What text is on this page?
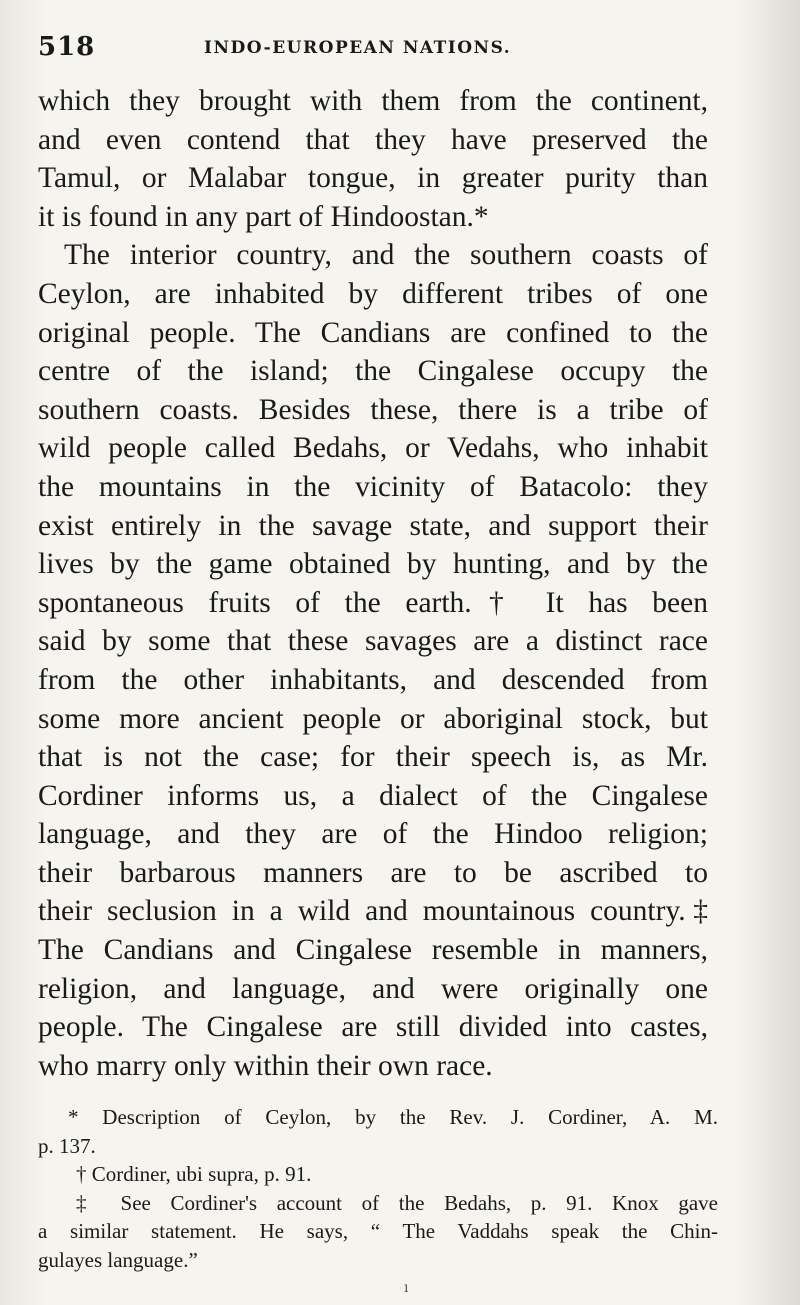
518	INDO-EUROPEAN NATIONS.
which they brought with them from the continent,
and even contend that they have preserved the
Tamul, or Malabar tongue, in greater purity than
it is found in any part of Hindoostan.*
The interior country, and the southern coasts of
Ceylon, are inhabited by different tribes of one
original people. The Candians are confined to the
centre of the island; the Cingalese occupy the
southern coasts. Besides these, there is a tribe of
wild people called Bedahs, or Vedahs, who inhabit
the mountains in the vicinity of Batacolo: they
exist entirely in the savage state, and support their
lives by the game obtained by hunting, and by the
spontaneous fruits of the earth.† It has been
said by some that these savages are a distinct race
from the other inhabitants, and descended from
some more ancient people or aboriginal stock, but
that is not the case; for their speech is, as Mr.
Cordiner informs us, a dialect of the Cingalese
language, and they are of the Hindoo religion;
their barbarous manners are to be ascribed to
their seclusion in a wild and mountainous country.‡
The Candians and Cingalese resemble in manners,
religion, and language, and were originally one
people. The Cingalese are still divided into castes,
who marry only within their own race.
* Description of Ceylon, by the Rev. J. Cordiner, A. M.
p. 137.
† Cordiner, ubi supra, p. 91.
‡ See Cordiner's account of the Bedahs, p. 91. Knox gave
a similar statement. He says, “ The Vaddahs speak the Chin-
gulayes language.”
ı
